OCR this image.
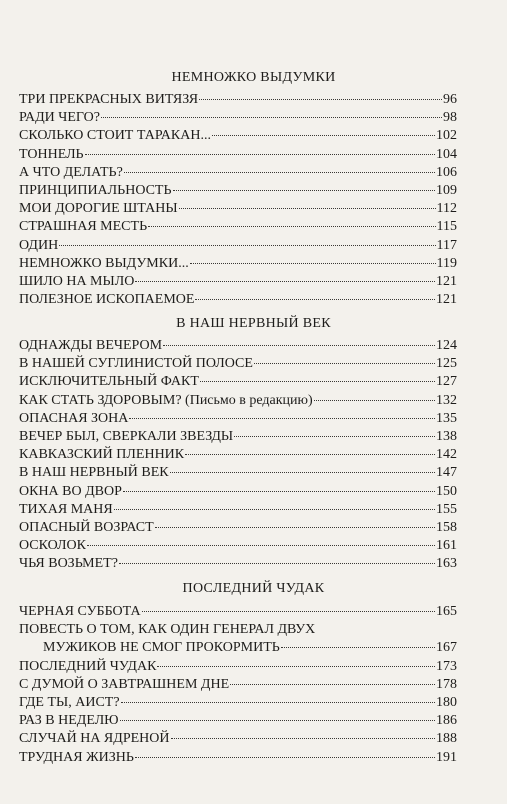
НЕМНОЖКО ВЫДУМКИ
ТРИ ПРЕКРАСНЫХ ВИТЯЗЯ	96
РАДИ ЧЕГО?	98
СКОЛЬКО СТОИТ ТАРАКАН...	102
ТОННЕЛЬ	104
А ЧТО ДЕЛАТЬ?	106
ПРИНЦИПИАЛЬНОСТЬ	109
МОИ ДОРОГИЕ ШТАНЫ	112
СТРАШНАЯ МЕСТЬ	115
ОДИН	117
НЕМНОЖКО ВЫДУМКИ...	119
ШИЛО НА МЫЛО	121
ПОЛЕЗНОЕ ИСКОПАЕМОЕ	121
В НАШ НЕРВНЫЙ ВЕК
ОДНАЖДЫ ВЕЧЕРОМ	124
В НАШЕЙ СУГЛИНИСТОЙ ПОЛОСЕ	125
ИСКЛЮЧИТЕЛЬНЫЙ ФАКТ	127
КАК СТАТЬ ЗДОРОВЫМ? (Письмо в редакцию)	132
ОПАСНАЯ ЗОНА	135
ВЕЧЕР БЫЛ, СВЕРКАЛИ ЗВЕЗДЫ	138
КАВКАЗСКИЙ ПЛЕННИК	142
В НАШ НЕРВНЫЙ ВЕК	147
ОКНА ВО ДВОР	150
ТИХАЯ МАНЯ	155
ОПАСНЫЙ ВОЗРАСТ	158
ОСКОЛОК	161
ЧЬЯ ВОЗЬМЕТ?	163
ПОСЛЕДНИЙ ЧУДАК
ЧЕРНАЯ СУББОТА	165
ПОВЕСТЬ О ТОМ, КАК ОДИН ГЕНЕРАЛ ДВУХ
МУЖИКОВ НЕ СМОГ ПРОКОРМИТЬ	167
ПОСЛЕДНИЙ ЧУДАК	173
С ДУМОЙ О ЗАВТРАШНЕМ ДНЕ	178
ГДЕ ТЫ, АИСТ?	180
РАЗ В НЕДЕЛЮ	186
СЛУЧАЙ НА ЯДРЕНОЙ	188
ТРУДНАЯ ЖИЗНЬ	191
